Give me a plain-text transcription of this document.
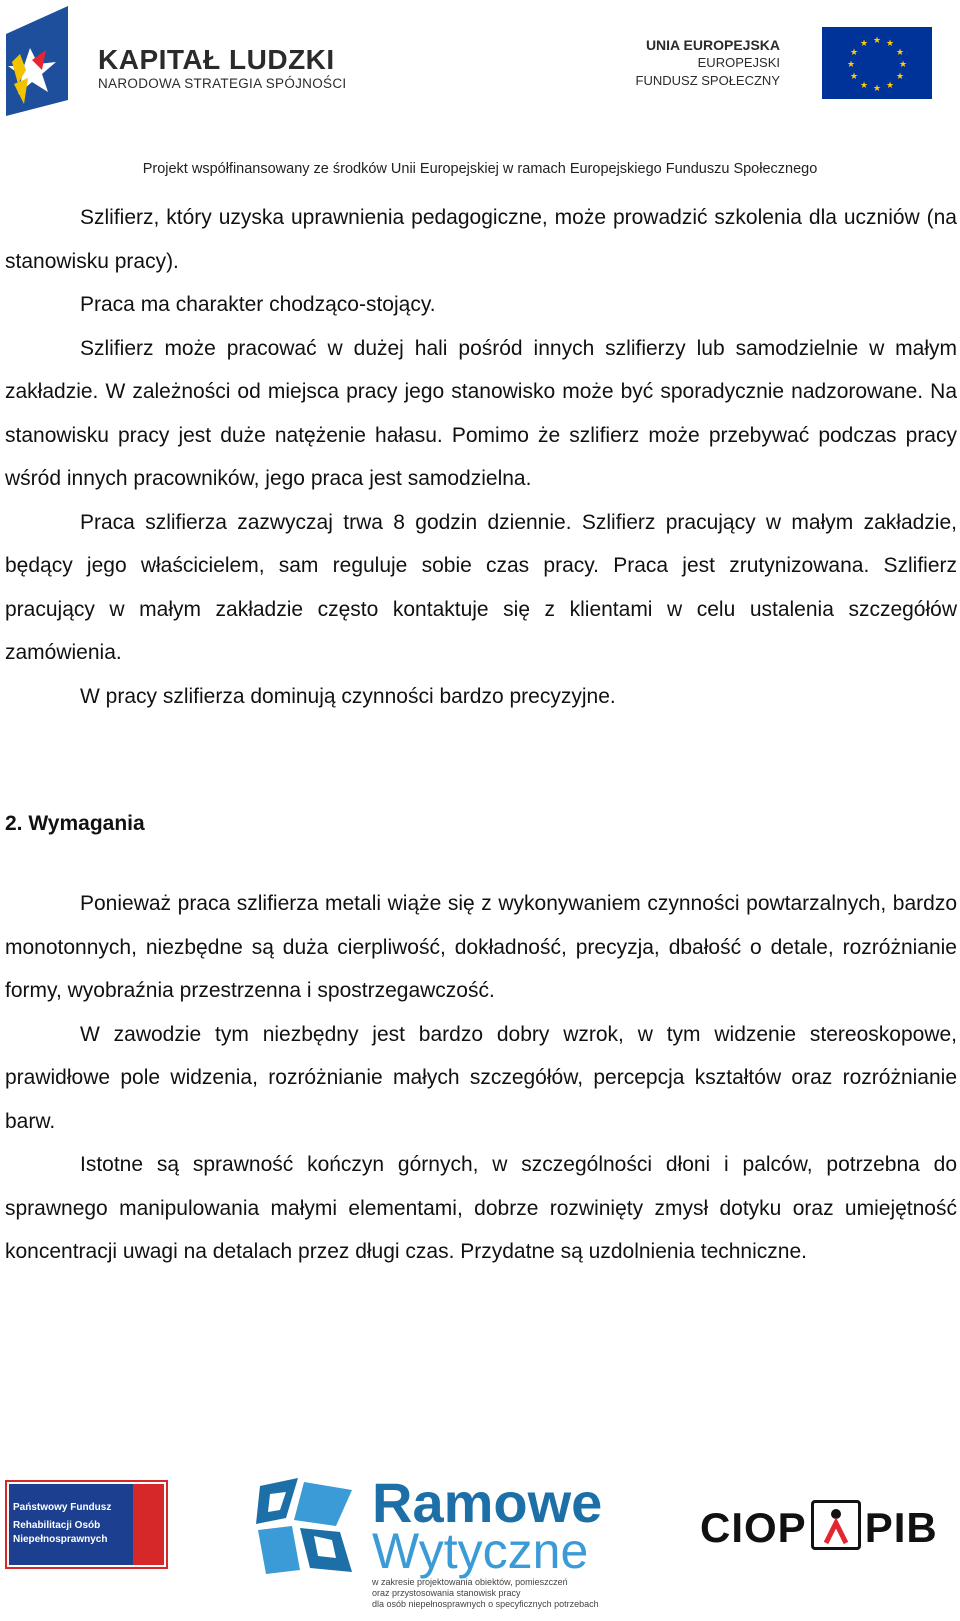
KAPITAŁ LUDZKI
NARODOWA STRATEGIA SPÓJNOŚCI
UNIA EUROPEJSKA
EUROPEJSKI
FUNDUSZ SPOŁECZNY
★ ★
★
★
★
★
★
★
★
★
★
★
Projekt współfinansowany ze środków Unii Europejskiej w ramach Europejskiego Funduszu Społecznego

Szlifierz, który uzyska uprawnienia pedagogiczne, może prowadzić szkolenia dla uczniów (na stanowisku pracy).

Praca ma charakter chodząco-stojący.

Szlifierz może pracować w dużej hali pośród innych szlifierzy lub samodzielnie w małym zakładzie. W zależności od miejsca pracy jego stanowisko może być sporadycznie nadzorowane. Na stanowisku pracy jest duże natężenie hałasu. Pomimo że szlifierz może przebywać podczas pracy wśród innych pracowników, jego praca jest samodzielna.

Praca szlifierza zazwyczaj trwa 8 godzin dziennie. Szlifierz pracujący w małym zakładzie, będący jego właścicielem, sam reguluje sobie czas pracy. Praca jest zrutynizowana. Szlifierz pracujący w małym zakładzie często kontaktuje się z klientami w celu ustalenia szczegółów zamówienia.

W pracy szlifierza dominują czynności bardzo precyzyjne.

2. Wymagania

Ponieważ praca szlifierza metali wiąże się z wykonywaniem czynności powtarzalnych, bardzo monotonnych, niezbędne są duża cierpliwość, dokładność, precyzja, dbałość o detale, rozróżnianie formy, wyobraźnia przestrzenna i spostrzegawczość.

W zawodzie tym niezbędny jest bardzo dobry wzrok, w tym widzenie stereoskopowe, prawidłowe pole widzenia, rozróżnianie małych szczegółów, percepcja kształtów oraz rozróżnianie barw.

Istotne są sprawność kończyn górnych, w szczególności dłoni i palców, potrzebna do sprawnego manipulowania małymi elementami, dobrze rozwinięty zmysł dotyku oraz umiejętność koncentracji uwagi na detalach przez długi czas. Przydatne są uzdolnienia techniczne.

Państwowy Fundusz
Rehabilitacji Osób
Niepełnosprawnych
Ramowe
Wytyczne
w zakresie projektowania obiektów, pomieszczeń
oraz przystosowania stanowisk pracy
dla osób niepełnosprawnych o specyficznych potrzebach
CIOP PIB
